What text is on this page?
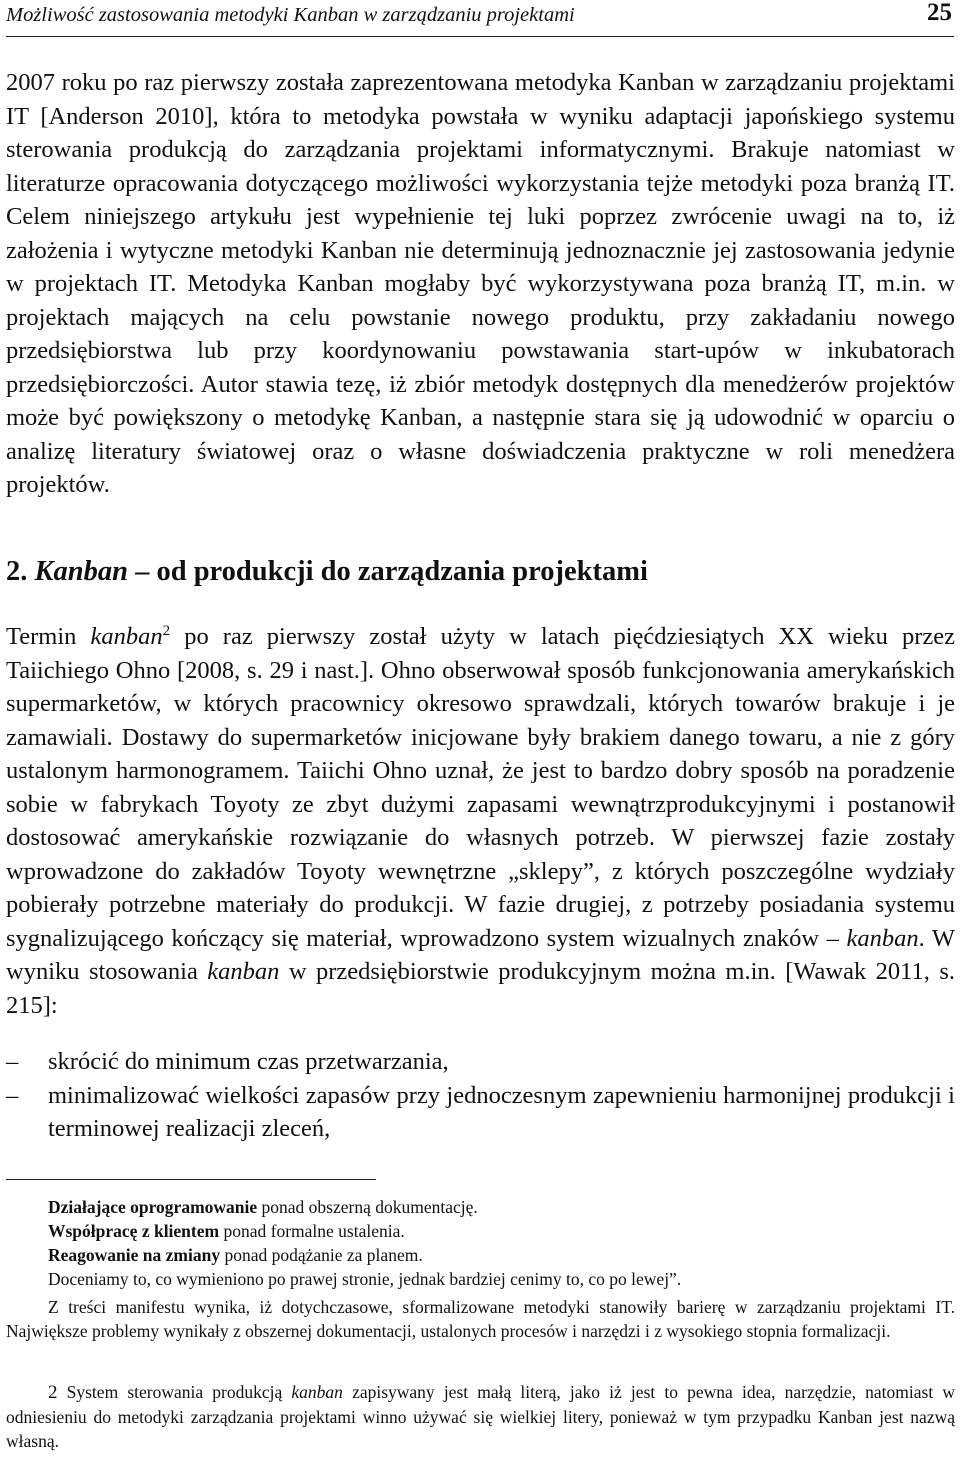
Możliwość zastosowania metodyki Kanban w zarządzaniu projektami	25
2007 roku po raz pierwszy została zaprezentowana metodyka Kanban w zarządzaniu projektami IT [Anderson 2010], która to metodyka powstała w wyniku adaptacji japońskiego systemu sterowania produkcją do zarządzania projektami informatycznymi. Brakuje natomiast w literaturze opracowania dotyczącego możliwości wykorzystania tejże metodyki poza branżą IT. Celem niniejszego artykułu jest wypełnienie tej luki poprzez zwrócenie uwagi na to, iż założenia i wytyczne metodyki Kanban nie determinują jednoznacznie jej zastosowania jedynie w projektach IT. Metodyka Kanban mogłaby być wykorzystywana poza branżą IT, m.in. w projektach mających na celu powstanie nowego produktu, przy zakładaniu nowego przedsiębiorstwa lub przy koordynowaniu powstawania start-upów w inkubatorach przedsiębiorczości. Autor stawia tezę, iż zbiór metodyk dostępnych dla menedżerów projektów może być powiększony o metodykę Kanban, a następnie stara się ją udowodnić w oparciu o analizę literatury światowej oraz o własne doświadczenia praktyczne w roli menedżera projektów.
2. Kanban – od produkcji do zarządzania projektami
Termin kanban$^2$ po raz pierwszy został użyty w latach pięćdziesiątych XX wieku przez Taiichiego Ohno [2008, s. 29 i nast.]. Ohno obserwował sposób funkcjonowania amerykańskich supermarketów, w których pracownicy okresowo sprawdzali, których towarów brakuje i je zamawiali. Dostawy do supermarketów inicjowane były brakiem danego towaru, a nie z góry ustalonym harmonogramem. Taiichi Ohno uznał, że jest to bardzo dobry sposób na poradzenie sobie w fabrykach Toyoty ze zbyt dużymi zapasami wewnątrzprodukcyjnymi i postanowił dostosować amerykańskie rozwiązanie do własnych potrzeb. W pierwszej fazie zostały wprowadzone do zakładów Toyoty wewnętrzne „sklepy”, z których poszczególne wydziały pobierały potrzebne materiały do produkcji. W fazie drugiej, z potrzeby posiadania systemu sygnalizującego kończący się materiał, wprowadzono system wizualnych znaków – kanban. W wyniku stosowania kanban w przedsiębiorstwie produkcyjnym można m.in. [Wawak 2011, s. 215]:
–	skrócić do minimum czas przetwarzania,
–	minimalizować wielkości zapasów przy jednoczesnym zapewnieniu harmonijnej produkcji i terminowej realizacji zleceń,
Działające oprogramowanie ponad obszerną dokumentację.
Współpracę z klientem ponad formalne ustalenia.
Reagowanie na zmiany ponad podążanie za planem.
Doceniamy to, co wymieniono po prawej stronie, jednak bardziej cenimy to, co po lewej”.
Z treści manifestu wynika, iż dotychczasowe, sformalizowane metodyki stanowiły barierę w zarządzaniu projektami IT. Największe problemy wynikały z obszernej dokumentacji, ustalonych procesów i narzędzi i z wysokiego stopnia formalizacji.
2 System sterowania produkcją kanban zapisywany jest małą literą, jako iż jest to pewna idea, narzędzie, natomiast w odniesieniu do metodyki zarządzania projektami winno używać się wielkiej litery, ponieważ w tym przypadku Kanban jest nazwą własną.
